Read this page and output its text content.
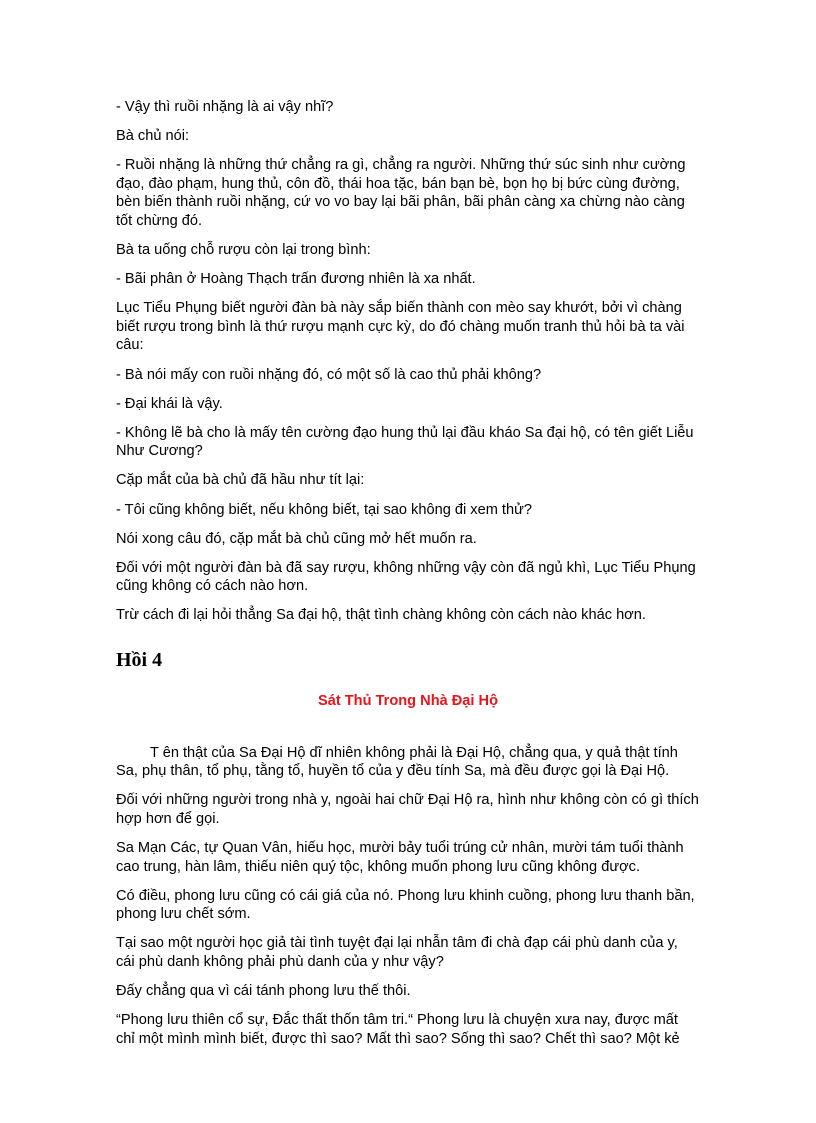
- Vậy thì ruồi nhặng là ai vậy nhĩ?

Bà chủ nói:

- Ruồi nhặng là những thứ chẳng ra gì, chẳng ra người. Những thứ súc sinh như cường đạo, đào phạm, hung thủ, côn đồ, thái hoa tặc, bán bạn bè, bọn họ bị bức cùng đường, bèn biến thành ruồi nhặng, cứ vo vo bay lại bãi phân, bãi phân càng xa chừng nào càng tốt chừng đó.

Bà ta uống chỗ rượu còn lại trong bình:

- Bãi phân ở Hoàng Thạch trấn đương nhiên là xa nhất.

Lục Tiểu Phụng biết người đàn bà này sắp biến thành con mèo say khướt, bởi vì chàng biết rượu trong bình là thứ rượu mạnh cực kỳ, do đó chàng muốn tranh thủ hỏi bà ta vài câu:

- Bà nói mấy con ruồi nhặng đó, có một số là cao thủ phải không?

- Đại khái là vậy.

- Không lẽ bà cho là mấy tên cường đạo hung thủ lại đầu kháo Sa đại hộ, có tên giết Liễu Như Cương?

Cặp mắt của bà chủ đã hầu như tít lại:

- Tôi cũng không biết, nếu không biết, tại sao không đi xem thử?

Nói xong câu đó, cặp mắt bà chủ cũng mở hết muốn ra.

Đối với một người đàn bà đã say rượu, không những vậy còn đã ngủ khì, Lục Tiểu Phụng cũng không có cách nào hơn.

Trừ cách đi lại hỏi thẳng Sa đại hộ, thật tình chàng không còn cách nào khác hơn.

Hồi 4
Sát Thủ Trong Nhà Đại Hộ

T ên thật của Sa Đại Hộ dĩ nhiên không phải là Đại Hộ, chẳng qua, y quả thật tính Sa, phụ thân, tổ phụ, tằng tổ, huyền tổ của y đều tính Sa, mà đều được gọi là Đại Hộ.

Đối với những người trong nhà y, ngoài hai chữ Đại Hộ ra, hình như không còn có gì thích hợp hơn để gọi.

Sa Mạn Các, tự Quan Vân, hiếu học, mười bảy tuổi trúng cử nhân, mười tám tuổi thành cao trung, hàn lâm, thiếu niên quý tộc, không muốn phong lưu cũng không được.

Có điều, phong lưu cũng có cái giá của nó. Phong lưu khinh cuồng, phong lưu thanh bần, phong lưu chết sớm.

Tại sao một người học giả tài tình tuyệt đại lại nhẫn tâm đi chà đạp cái phù danh của y, cái phù danh không phải phù danh của y như vậy?

Đấy chẳng qua vì cái tánh phong lưu thế thôi.

“Phong lưu thiên cổ sự, Đắc thất thốn tâm tri.“ Phong lưu là chuyện xưa nay, được mất chỉ một mình mình biết, được thì sao? Mất thì sao? Sống thì sao? Chết thì sao? Một kẻ
